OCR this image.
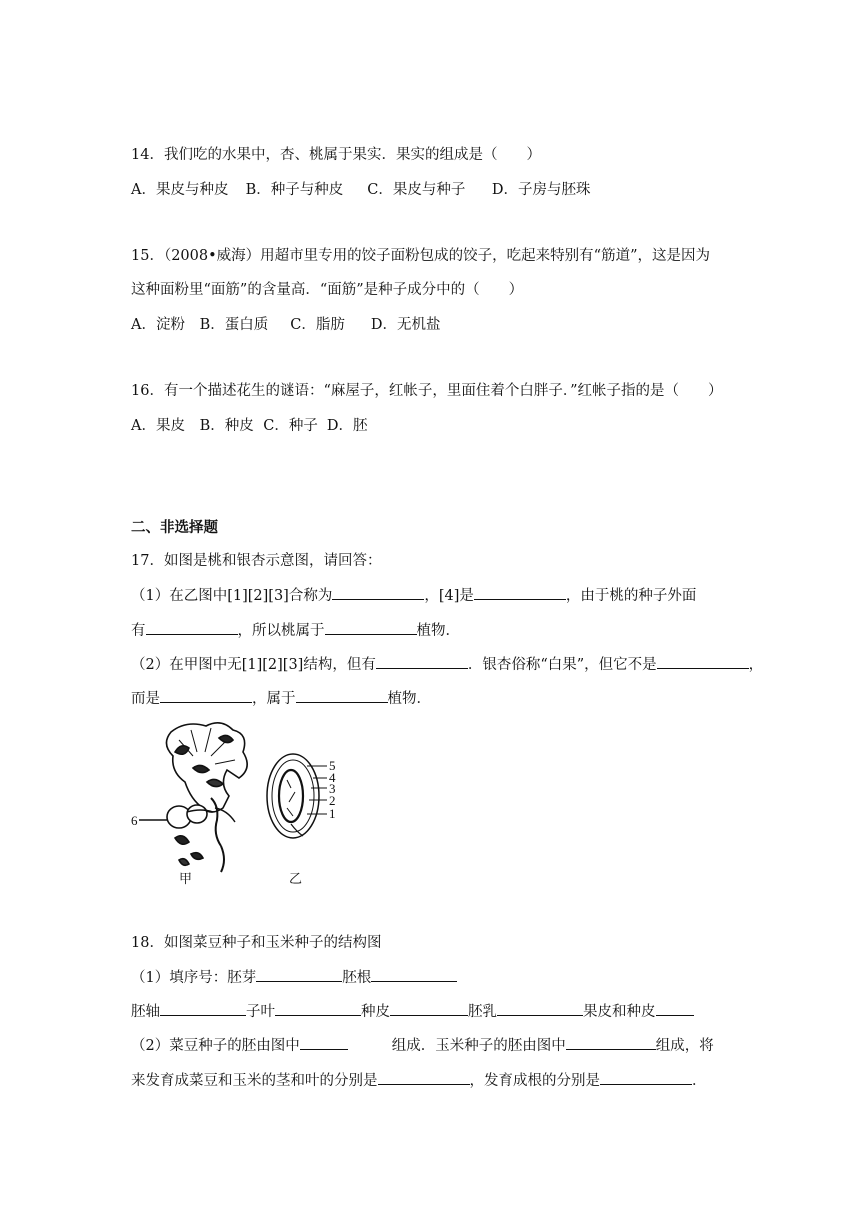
14．我们吃的水果中，杏、桃属于果实．果实的组成是（　　）
A．果皮与种皮 B．种子与种皮 C．果皮与种子 D．子房与胚珠
15．（2008•威海）用超市里专用的饺子面粉包成的饺子，吃起来特别有“筋道”，这是因为
这种面粉里“面筋”的含量高．“面筋”是种子成分中的（　　）
A．淀粉 B．蛋白质 C．脂肪 D．无机盐
16．有一个描述花生的谜语：“麻屋子，红帐子，里面住着个白胖子．”红帐子指的是（　　）
A．果皮 B．种皮 C．种子 D．胚
二、非选择题
17．如图是桃和银杏示意图，请回答：
（1）在乙图中[1][2][3]合称为	，[4]是	，由于桃的种子外面
有	，所以桃属于	植物．
（2）在甲图中无[1][2][3]结构，但有	．银杏俗称“白果”，但它不是	，
而是	，属于	植物．
6
甲
5
4
3
2
1
乙
18．如图菜豆种子和玉米种子的结构图
（1）填序号：胚芽	胚根
胚轴	子叶	种皮	胚乳	果皮和种皮
（2）菜豆种子的胚由图中	组成．玉米种子的胚由图中	组成，将
来发育成菜豆和玉米的茎和叶的分别是	，发育成根的分别是	．
